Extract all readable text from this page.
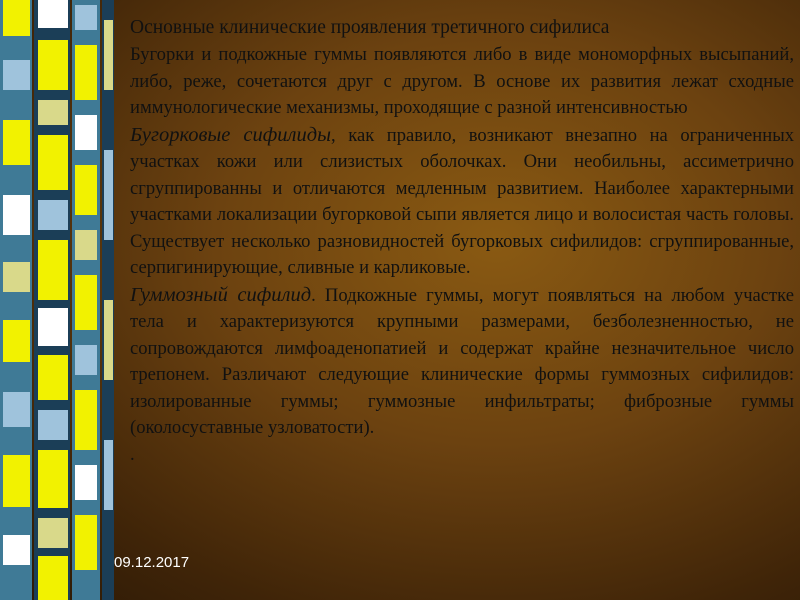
Основные клинические проявления третичного сифилиса

Бугорки и подкожные гуммы появляются либо в виде мономорфных высыпаний, либо, реже, сочетаются друг с другом. В основе их развития лежат сходные иммунологические механизмы, проходящие с разной интенсивностью

Бугорковые сифилиды, как правило, возникают внезапно на ограниченных участках кожи или слизистых оболочках. Они необильны, ассиметрично сгруппированны и отличаются медленным развитием. Наиболее характерными участками локализации бугорковой сыпи является лицо и волосистая часть головы. Существует несколько разновидностей бугорковых сифилидов: сгруппированные, серпигинирующие, сливные и карликовые.

Гуммозный сифилид. Подкожные гуммы, могут появляться на любом участке тела и характеризуются крупными размерами, безболезненностью, не сопровождаются лимфоаденопатией и содержат крайне незначительное число трепонем. Различают следующие клинические формы гуммозных сифилидов: изолированные гуммы; гуммозные инфильтраты; фиброзные гуммы (околосуставные узловатости).

.

09.12.2017
